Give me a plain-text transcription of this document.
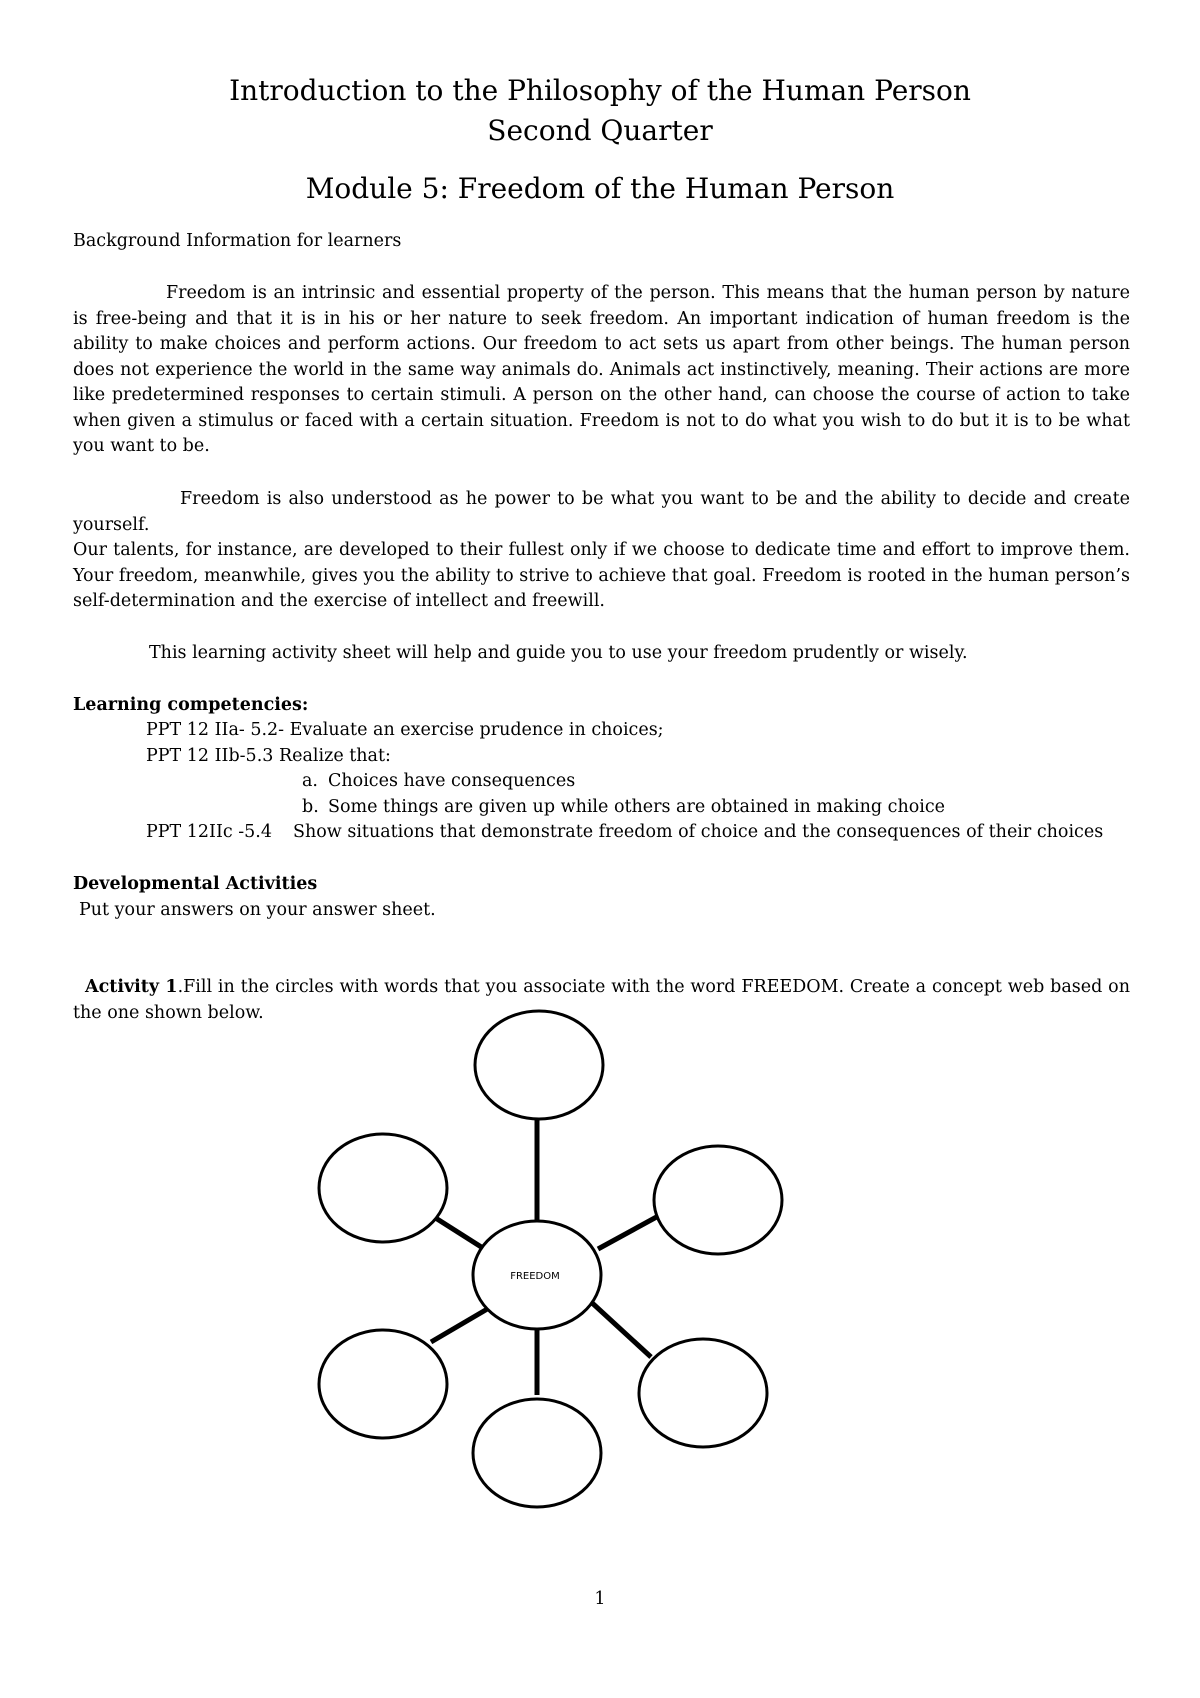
Introduction to the Philosophy of the Human Person
Second Quarter
Module 5: Freedom of the Human Person
Background Information for learners
Freedom is an intrinsic and essential property of the person. This means that the human person by nature is free-being and that it is in his or her nature to seek freedom. An important indication of human freedom is the ability to make choices and perform actions. Our freedom to act sets us apart from other beings. The human person does not experience the world in the same way animals do. Animals act instinctively, meaning. Their actions are more like predetermined responses to certain stimuli. A person on the other hand, can choose the course of action to take when given a stimulus or faced with a certain situation. Freedom is not to do what you wish to do but it is to be what you want to be.
Freedom is also understood as he power to be what you want to be and the ability to decide and create yourself.
Our talents, for instance, are developed to their fullest only if we choose to dedicate time and effort to improve them. Your freedom, meanwhile, gives you the ability to strive to achieve that goal. Freedom is rooted in the human person’s self-determination and the exercise of intellect and freewill.
This learning activity sheet will help and guide you to use your freedom prudently or wisely.
Learning competencies:
PPT 12 IIa- 5.2- Evaluate an exercise prudence in choices;
PPT 12 IIb-5.3 Realize that:
a. Choices have consequences
b. Some things are given up while others are obtained in making choice
PPT 12IIc -5.4 Show situations that demonstrate freedom of choice and the consequences of their choices
Developmental Activities
Put your answers on your answer sheet.
Activity 1.Fill in the circles with words that you associate with the word FREEDOM. Create a concept web based on the one shown below.
FREEDOM
1
